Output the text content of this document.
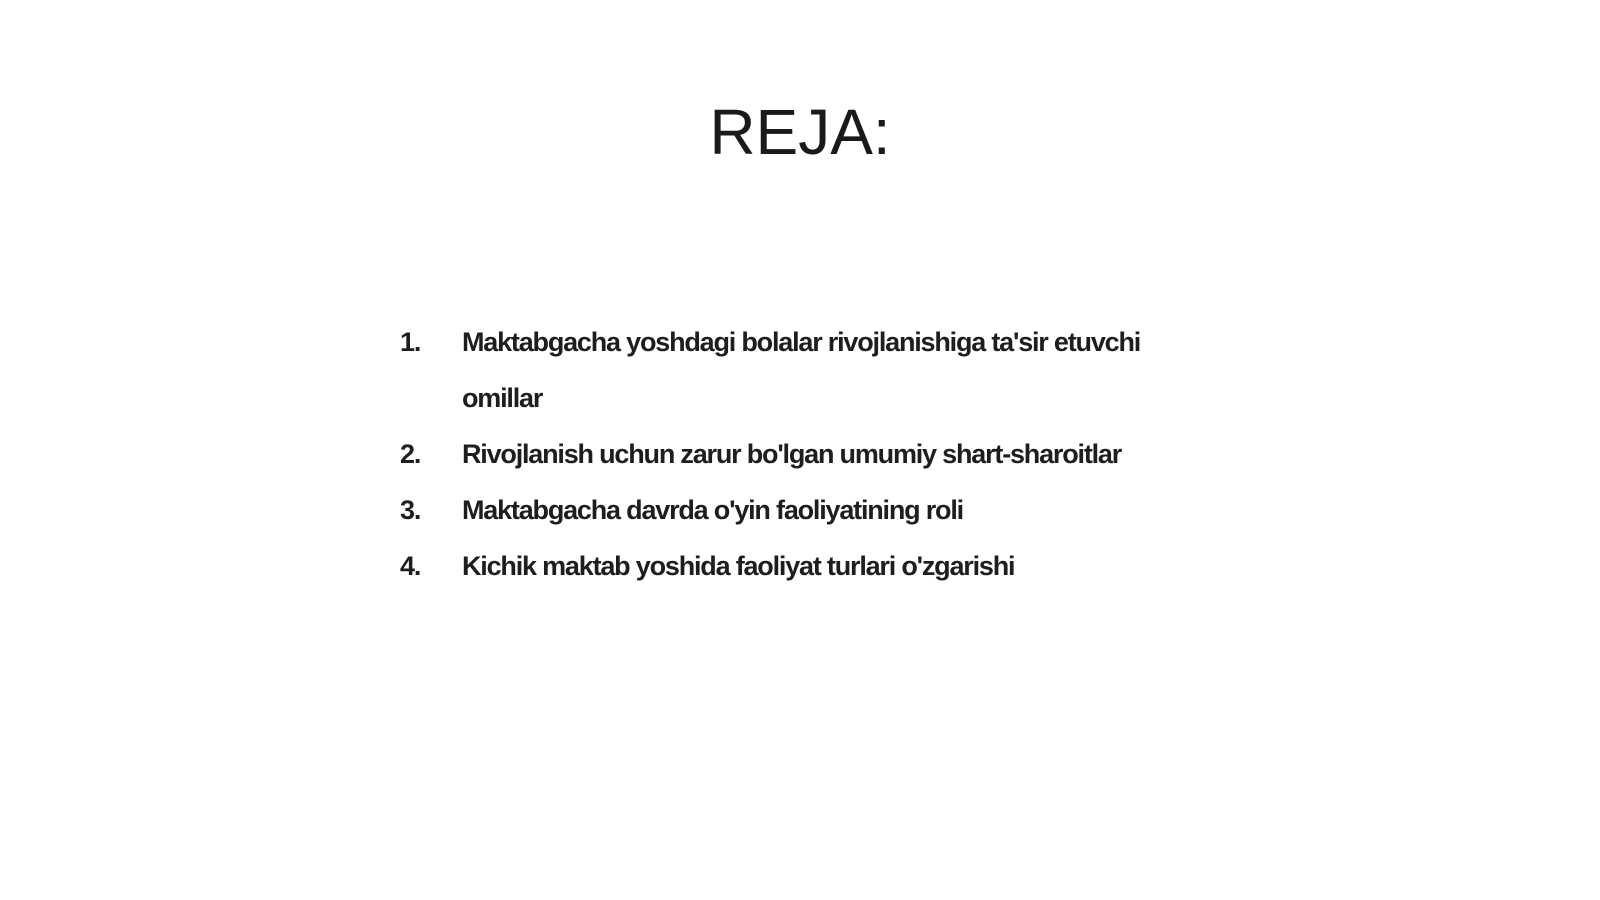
REJA:
1.	Maktabgacha yoshdagi bolalar rivojlanishiga ta'sir etuvchi omillar
2.	Rivojlanish uchun zarur bo'lgan umumiy shart-sharoitlar
3.	Maktabgacha davrda o'yin faoliyatining roli
4.	Kichik maktab yoshida faoliyat turlari o'zgarishi
